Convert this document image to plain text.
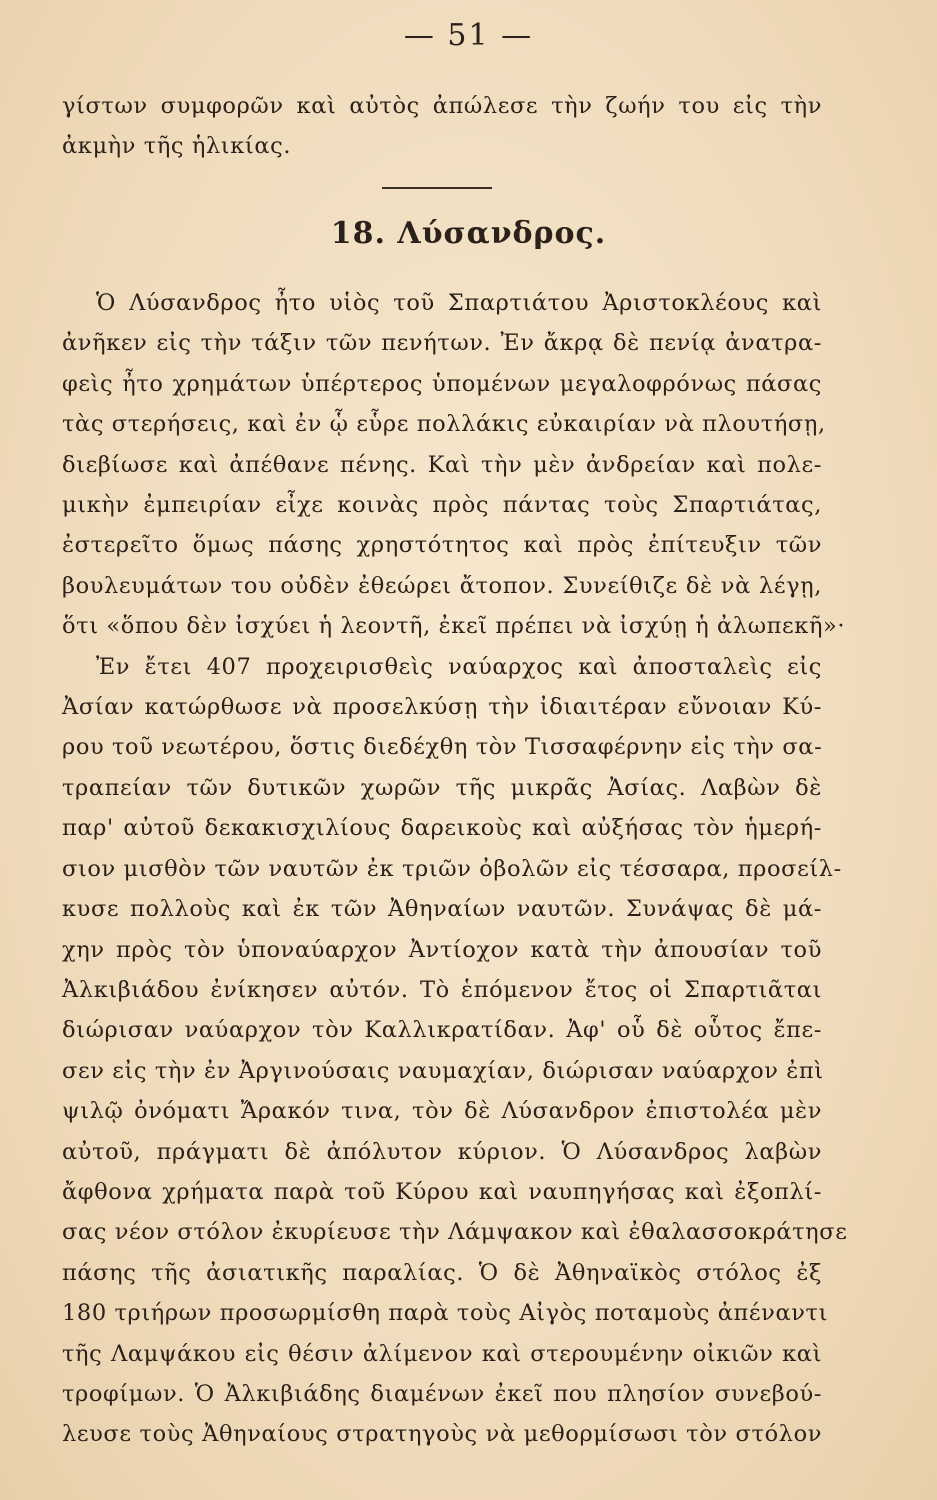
— 51 —
γίστων συμφορῶν καὶ αὐτὸς ἀπώλεσε τὴν ζωήν του εἰς τὴν
ἀκμὴν τῆς ἡλικίας.
18. Λύσανδρος.
Ὁ Λύσανδρος ἦτο υἱὸς τοῦ Σπαρτιάτου Ἀριστοκλέους καὶ
ἀνῆκεν εἰς τὴν τάξιν τῶν πενήτων. Ἐν ἄκρᾳ δὲ πενίᾳ ἀνατρα-
φεὶς ἦτο χρημάτων ὑπέρτερος ὑπομένων μεγαλοφρόνως πάσας
τὰς στερήσεις, καὶ ἐν ᾧ εὗρε πολλάκις εὐκαιρίαν νὰ πλουτήσῃ,
διεβίωσε καὶ ἀπέθανε πένης. Καὶ τὴν μὲν ἀνδρείαν καὶ πολε-
μικὴν ἐμπειρίαν εἶχε κοινὰς πρὸς πάντας τοὺς Σπαρτιάτας,
ἐστερεῖτο ὅμως πάσης χρηστότητος καὶ πρὸς ἐπίτευξιν τῶν
βουλευμάτων του οὐδὲν ἐθεώρει ἄτοπον. Συνείθιζε δὲ νὰ λέγῃ,
ὅτι «ὅπου δὲν ἰσχύει ἡ λεοντῆ, ἐκεῖ πρέπει νὰ ἰσχύῃ ἡ ἀλωπεκῆ»·
Ἐν ἔτει 407 προχειρισθεὶς ναύαρχος καὶ ἀποσταλεὶς εἰς
Ἀσίαν κατώρθωσε νὰ προσελκύσῃ τὴν ἰδιαιτέραν εὔνοιαν Κύ-
ρου τοῦ νεωτέρου, ὅστις διεδέχθη τὸν Τισσαφέρνην εἰς τὴν σα-
τραπείαν τῶν δυτικῶν χωρῶν τῆς μικρᾶς Ἀσίας. Λαβὼν δὲ
παρ' αὐτοῦ δεκακισχιλίους δαρεικοὺς καὶ αὐξήσας τὸν ἡμερή-
σιον μισθὸν τῶν ναυτῶν ἐκ τριῶν ὀβολῶν εἰς τέσσαρα, προσείλ-
κυσε πολλοὺς καὶ ἐκ τῶν Ἀθηναίων ναυτῶν. Συνάψας δὲ μά-
χην πρὸς τὸν ὑποναύαρχον Ἀντίοχον κατὰ τὴν ἀπουσίαν τοῦ
Ἀλκιβιάδου ἐνίκησεν αὐτόν. Τὸ ἑπόμενον ἔτος οἱ Σπαρτιᾶται
διώρισαν ναύαρχον τὸν Καλλικρατίδαν. Ἀφ' οὗ δὲ οὗτος ἔπε-
σεν εἰς τὴν ἐν Ἀργινούσαις ναυμαχίαν, διώρισαν ναύαρχον ἐπὶ
ψιλῷ ὀνόματι Ἄρακόν τινα, τὸν δὲ Λύσανδρον ἐπιστολέα μὲν
αὐτοῦ, πράγματι δὲ ἀπόλυτον κύριον. Ὁ Λύσανδρος λαβὼν
ἄφθονα χρήματα παρὰ τοῦ Κύρου καὶ ναυπηγήσας καὶ ἐξοπλί-
σας νέον στόλον ἐκυρίευσε τὴν Λάμψακον καὶ ἐθαλασσοκράτησε
πάσης τῆς ἀσιατικῆς παραλίας. Ὁ δὲ Ἀθηναϊκὸς στόλος ἐξ
180 τριήρων προσωρμίσθη παρὰ τοὺς Αἰγὸς ποταμοὺς ἀπέναντι
τῆς Λαμψάκου εἰς θέσιν ἀλίμενον καὶ στερουμένην οἰκιῶν καὶ
τροφίμων. Ὁ Ἀλκιβιάδης διαμένων ἐκεῖ που πλησίον συνεβού-
λευσε τοὺς Ἀθηναίους στρατηγοὺς νὰ μεθορμίσωσι τὸν στόλον
